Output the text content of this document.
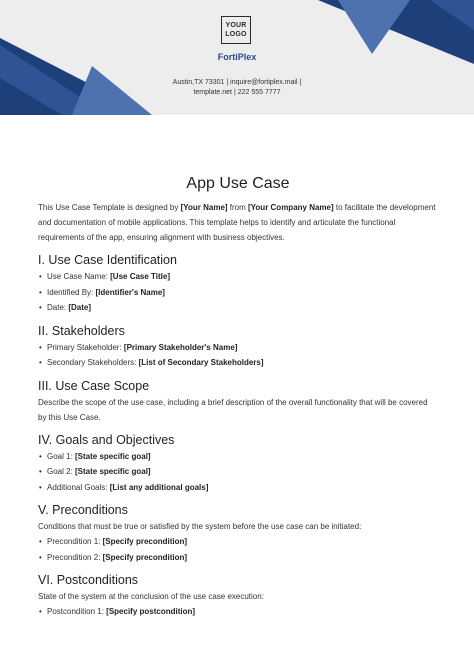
YOUR
LOGO
FortiPlex
Austin,TX 73301 | inquire@fortiplex.mail |
template.net | 222 555 7777
App Use Case

This Use Case Template is designed by [Your Name] from [Your Company Name] to facilitate the development and documentation of mobile applications. This template helps to identify and articulate the functional requirements of the app, ensuring alignment with business objectives.

I. Use Case Identification
• Use Case Name: [Use Case Title]
• Identified By: [Identifier's Name]
• Date: [Date]
II. Stakeholders
• Primary Stakeholder: [Primary Stakeholder's Name]
• Secondary Stakeholders: [List of Secondary Stakeholders]
III. Use Case Scope

Describe the scope of the use case, including a brief description of the overall functionality that will be covered by this Use Case.

IV. Goals and Objectives
• Goal 1: [State specific goal]
• Goal 2: [State specific goal]
• Additional Goals: [List any additional goals]
V. Preconditions

Conditions that must be true or satisfied by the system before the use case can be initiated:

• Precondition 1: [Specify precondition]
• Precondition 2: [Specify precondition]
VI. Postconditions

State of the system at the conclusion of the use case execution:

• Postcondition 1: [Specify postcondition]
